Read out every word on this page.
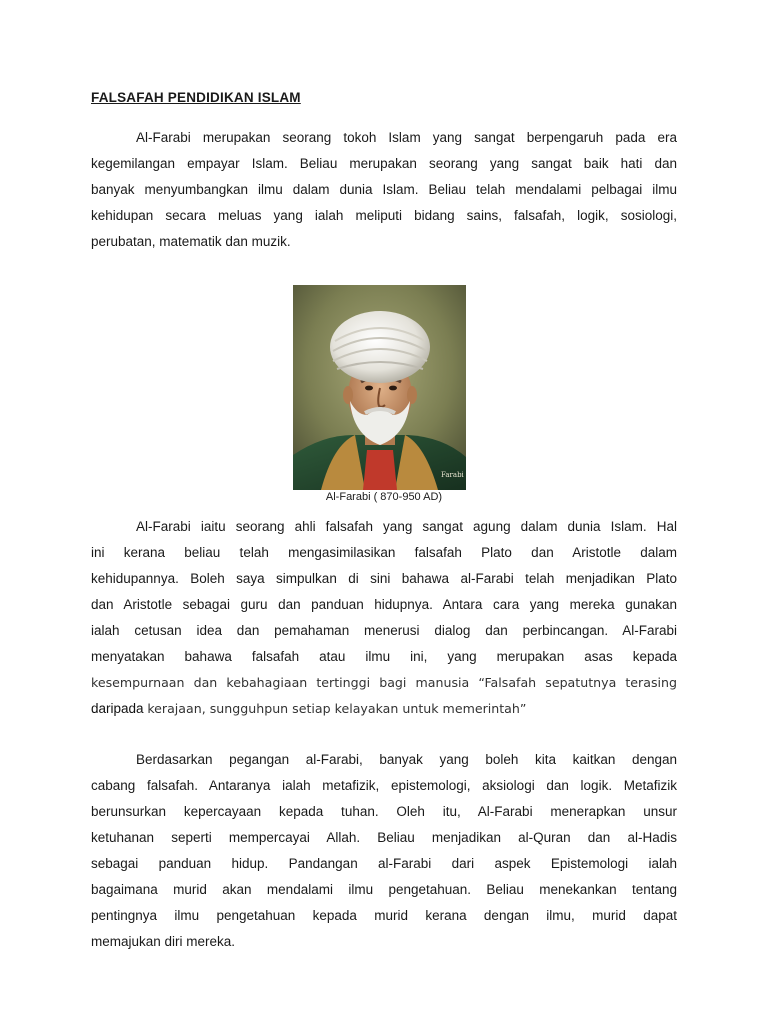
FALSAFAH PENDIDIKAN ISLAM

Al-Farabi merupakan seorang tokoh Islam yang sangat berpengaruh pada era
kegemilangan empayar Islam. Beliau merupakan seorang yang sangat baik hati dan
banyak menyumbangkan ilmu dalam dunia Islam. Beliau telah mendalami pelbagai ilmu
kehidupan secara meluas yang ialah meliputi bidang sains, falsafah, logik, sosiologi,
perubatan, matematik dan muzik.

Farabi

Al-Farabi ( 870-950 AD)

Al-Farabi iaitu seorang ahli falsafah yang sangat agung dalam dunia Islam. Hal
ini kerana beliau telah mengasimilasikan falsafah Plato dan Aristotle dalam
kehidupannya. Boleh saya simpulkan di sini bahawa al-Farabi telah menjadikan Plato
dan Aristotle sebagai guru dan panduan hidupnya. Antara cara yang mereka gunakan
ialah cetusan idea dan pemahaman menerusi dialog dan perbincangan. Al-Farabi
menyatakan bahawa falsafah atau ilmu ini, yang merupakan asas kepada
kesempurnaan dan kebahagiaan tertinggi bagi manusia “Falsafah sepatutnya terasing
daripada kerajaan, sungguhpun setiap kelayakan untuk memerintah”

Berdasarkan pegangan al-Farabi, banyak yang boleh kita kaitkan dengan
cabang falsafah. Antaranya ialah metafizik, epistemologi, aksiologi dan logik. Metafizik
berunsurkan kepercayaan kepada tuhan. Oleh itu, Al-Farabi menerapkan unsur
ketuhanan seperti mempercayai Allah. Beliau menjadikan al-Quran dan al-Hadis
sebagai panduan hidup. Pandangan al-Farabi dari aspek Epistemologi ialah
bagaimana murid akan mendalami ilmu pengetahuan. Beliau menekankan tentang
pentingnya ilmu pengetahuan kepada murid kerana dengan ilmu, murid dapat
memajukan diri mereka.
